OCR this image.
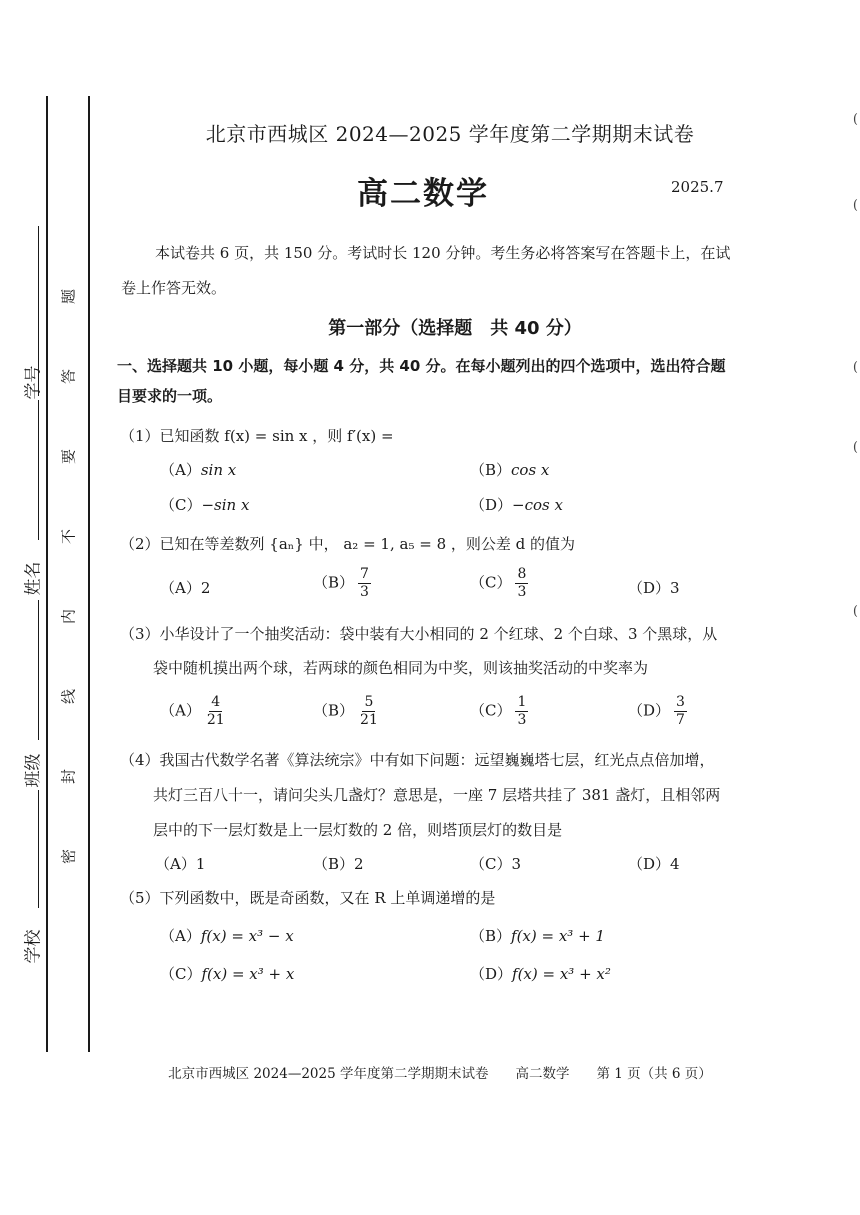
学号
姓名
班级
学校
题
答
要
不
内
线
封
密
(
(
(
(
(
北京市西城区 2024—2025 学年度第二学期期末试卷
高二数学	2025.7
本试卷共 6 页，共 150 分。考试时长 120 分钟。考生务必将答案写在答题卡上，在试
卷上作答无效。
第一部分（选择题　共 40 分）
一、选择题共 10 小题，每小题 4 分，共 40 分。在每小题列出的四个选项中，选出符合题
目要求的一项。
（1）已知函数 f(x) = sin x ，则 f′(x) =
（A）sin x	（B）cos x
（C）−sin x	（D）−cos x
（2）已知在等差数列 {aₙ} 中， a₂ = 1, a₅ = 8 ，则公差 d 的值为
（A）2	$(B) \frac{7}{3}$	$(C) \frac{8}{3}$	（D）3
（3）小华设计了一个抽奖活动：袋中装有大小相同的 2 个红球、2 个白球、3 个黑球，从
袋中随机摸出两个球，若两球的颜色相同为中奖，则该抽奖活动的中奖率为
$(A) \frac{4}{21}$	$(B) \frac{5}{21}$	$(C) \frac{1}{3}$	$(D) \frac{3}{7}$
（4）我国古代数学名著《算法统宗》中有如下问题：远望巍巍塔七层，红光点点倍加增，
共灯三百八十一，请问尖头几盏灯？意思是，一座 7 层塔共挂了 381 盏灯，且相邻两
层中的下一层灯数是上一层灯数的 2 倍，则塔顶层灯的数目是
（A）1	（B）2	（C）3	（D）4
（5）下列函数中，既是奇函数，又在 R 上单调递增的是
（A）f(x) = x³ − x	（B）f(x) = x³ + 1
（C）f(x) = x³ + x	（D）f(x) = x³ + x²
北京市西城区 2024—2025 学年度第二学期期末试卷　　高二数学　　第 1 页（共 6 页）
